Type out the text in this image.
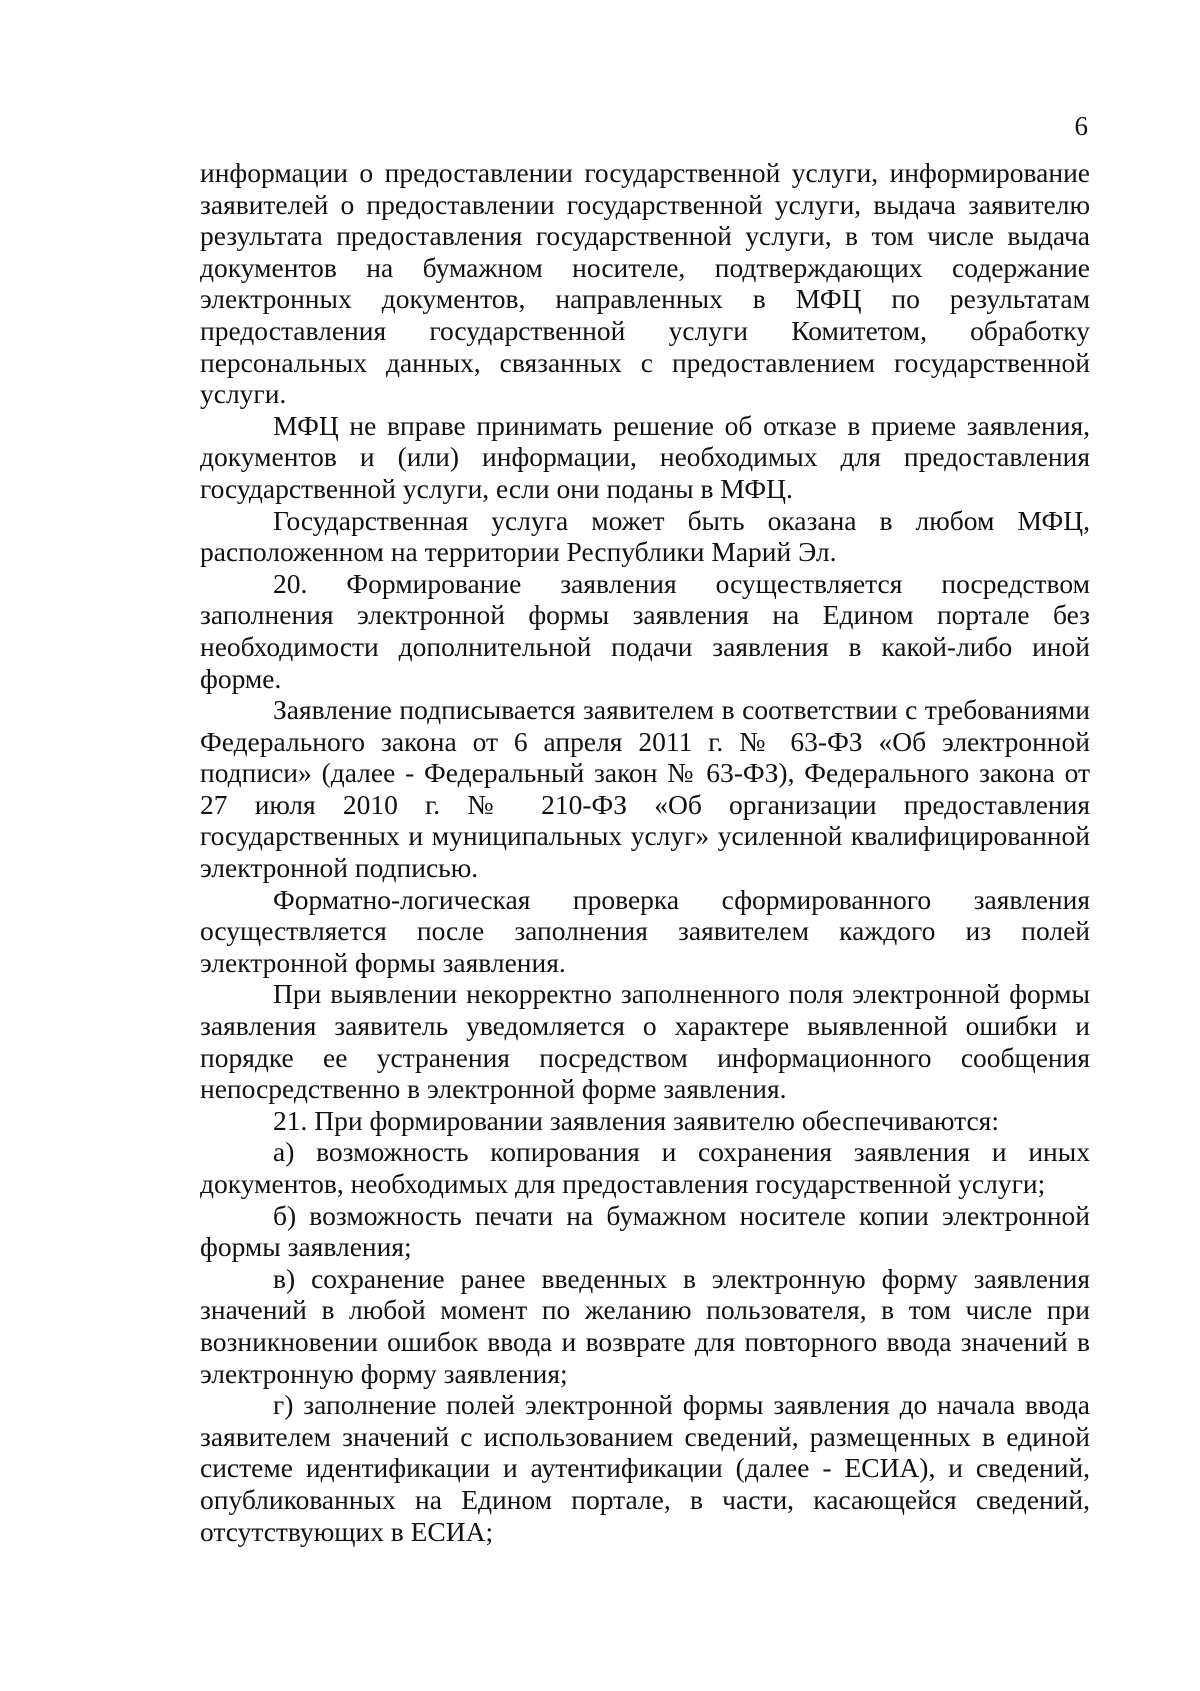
6

информации о предоставлении государственной услуги, информирование заявителей о предоставлении государственной услуги, выдача заявителю результата предоставления государственной услуги, в том числе выдача документов на бумажном носителе, подтверждающих содержание электронных документов, направленных в МФЦ по результатам предоставления государственной услуги Комитетом, обработку персональных данных, связанных с предоставлением государственной услуги.

МФЦ не вправе принимать решение об отказе в приеме заявления, документов и (или) информации, необходимых для предоставления государственной услуги, если они поданы в МФЦ.

Государственная услуга может быть оказана в любом МФЦ, расположенном на территории Республики Марий Эл.

20. Формирование заявления осуществляется посредством заполнения электронной формы заявления на Едином портале без необходимости дополнительной подачи заявления в какой-либо иной форме.

Заявление подписывается заявителем в соответствии с требованиями Федерального закона от 6 апреля 2011 г. № 63-ФЗ «Об электронной подписи» (далее - Федеральный закон № 63-ФЗ), Федерального закона от 27 июля 2010 г. № 210-ФЗ «Об организации предоставления государственных и муниципальных услуг» усиленной квалифицированной электронной подписью.

Форматно-логическая проверка сформированного заявления осуществляется после заполнения заявителем каждого из полей электронной формы заявления.

При выявлении некорректно заполненного поля электронной формы заявления заявитель уведомляется о характере выявленной ошибки и порядке ее устранения посредством информационного сообщения непосредственно в электронной форме заявления.

21. При формировании заявления заявителю обеспечиваются:

а) возможность копирования и сохранения заявления и иных документов, необходимых для предоставления государственной услуги;

б) возможность печати на бумажном носителе копии электронной формы заявления;

в) сохранение ранее введенных в электронную форму заявления значений в любой момент по желанию пользователя, в том числе при возникновении ошибок ввода и возврате для повторного ввода значений в электронную форму заявления;

г) заполнение полей электронной формы заявления до начала ввода заявителем значений с использованием сведений, размещенных в единой системе идентификации и аутентификации (далее - ЕСИА), и сведений, опубликованных на Едином портале, в части, касающейся сведений, отсутствующих в ЕСИА;
